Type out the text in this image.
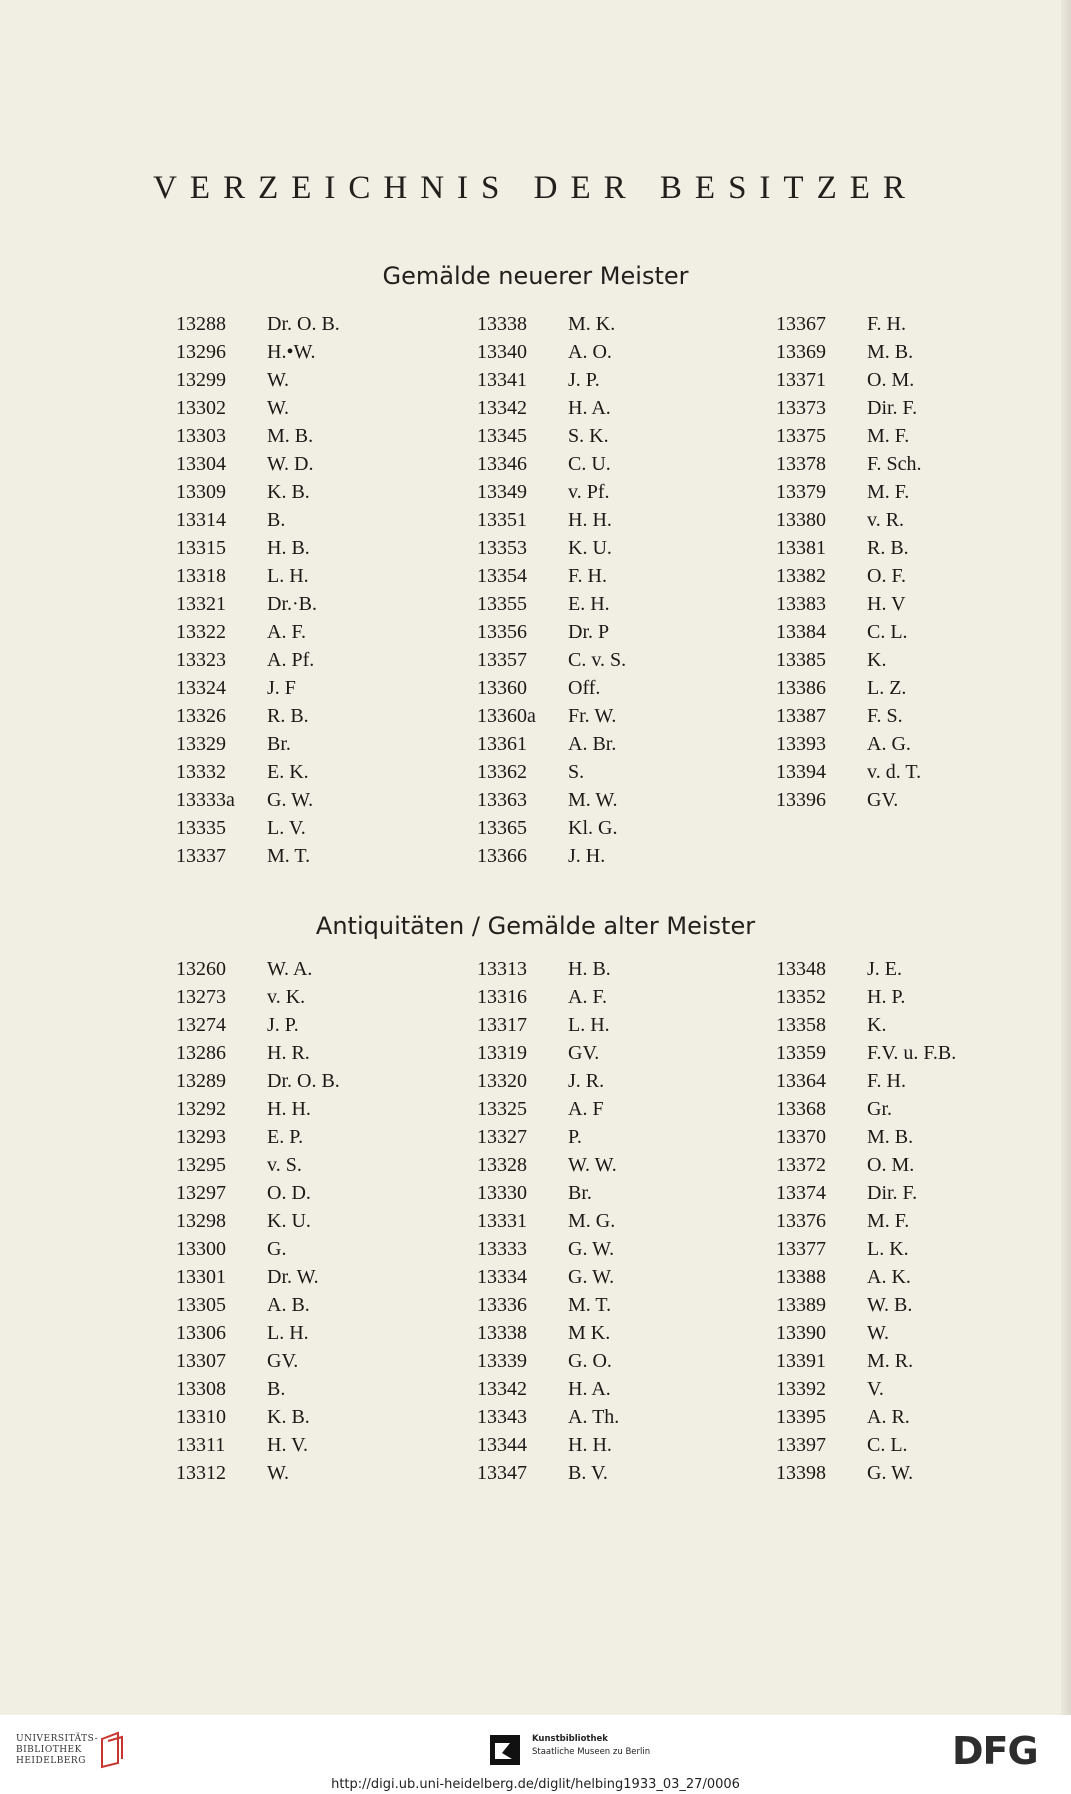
VERZEICHNIS DER BESITZER
Gemälde neuerer Meister
13288 Dr. O. B.
13296 H.•W.
13299 W.
13302 W.
13303 M. B.
13304 W. D.
13309 K. B.
13314 B.
13315 H. B.
13318 L. H.
13321 Dr.·B.
13322 A. F.
13323 A. Pf.
13324 J. F
13326 R. B.
13329 Br.
13332 E. K.
13333a G. W.
13335 L. V.
13337 M. T.
13338 M. K.
13340 A. O.
13341 J. P.
13342 H. A.
13345 S. K.
13346 C. U.
13349 v. Pf.
13351 H. H.
13353 K. U.
13354 F. H.
13355 E. H.
13356 Dr. P
13357 C. v. S.
13360 Off.
13360a Fr. W.
13361 A. Br.
13362 S.
13363 M. W.
13365 Kl. G.
13366 J. H.
13367 F. H.
13369 M. B.
13371 O. M.
13373 Dir. F.
13375 M. F.
13378 F. Sch.
13379 M. F.
13380 v. R.
13381 R. B.
13382 O. F.
13383 H. V
13384 C. L.
13385 K.
13386 L. Z.
13387 F. S.
13393 A. G.
13394 v. d. T.
13396 GV.
Antiquitäten / Gemälde alter Meister
13260 W. A.
13273 v. K.
13274 J. P.
13286 H. R.
13289 Dr. O. B.
13292 H. H.
13293 E. P.
13295 v. S.
13297 O. D.
13298 K. U.
13300 G.
13301 Dr. W.
13305 A. B.
13306 L. H.
13307 GV.
13308 B.
13310 K. B.
13311 H. V.
13312 W.
13313 H. B.
13316 A. F.
13317 L. H.
13319 GV.
13320 J. R.
13325 A. F
13327 P.
13328 W. W.
13330 Br.
13331 M. G.
13333 G. W.
13334 G. W.
13336 M. T.
13338 M K.
13339 G. O.
13342 H. A.
13343 A. Th.
13344 H. H.
13347 B. V.
13348 J. E.
13352 H. P.
13358 K.
13359 F.V. u. F.B.
13364 F. H.
13368 Gr.
13370 M. B.
13372 O. M.
13374 Dir. F.
13376 M. F.
13377 L. K.
13388 A. K.
13389 W. B.
13390 W.
13391 M. R.
13392 V.
13395 A. R.
13397 C. L.
13398 G. W.
UNIVERSITÄTS-
BIBLIOTHEK
HEIDELBERG
Kunstbibliothek
Staatliche Museen zu Berlin	DFG
http://digi.ub.uni-heidelberg.de/diglit/helbing1933_03_27/0006
